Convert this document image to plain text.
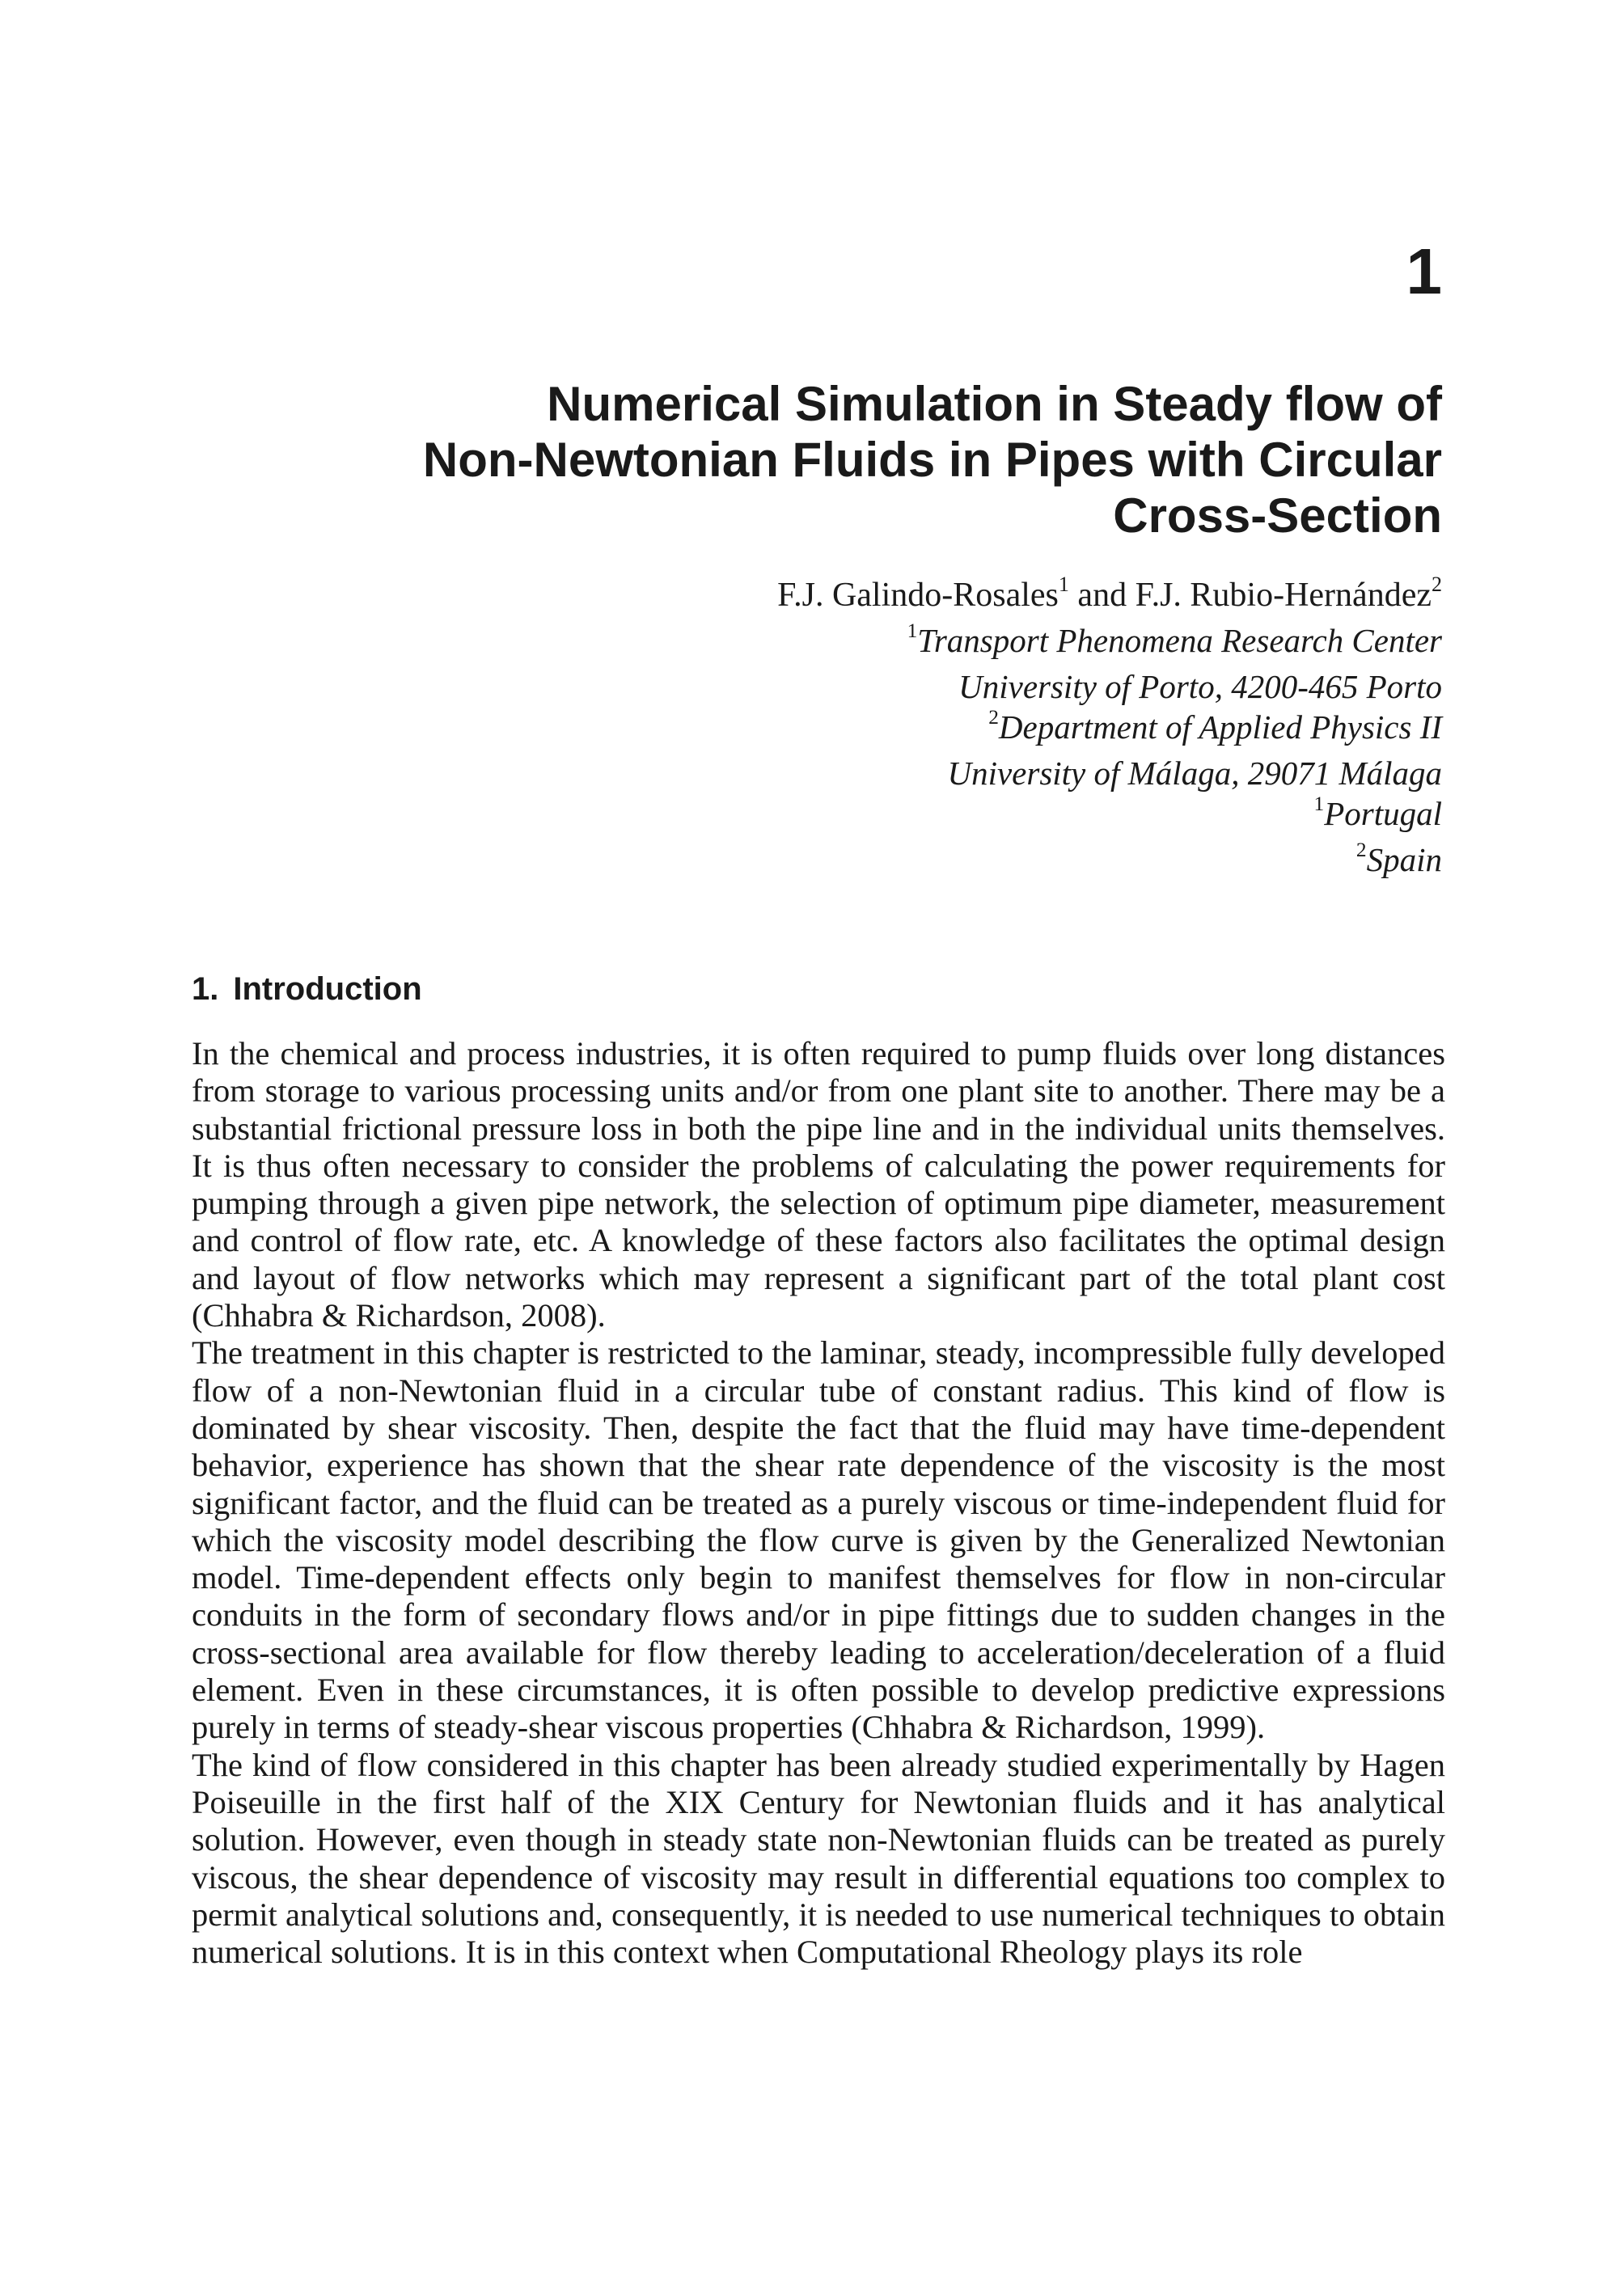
1
Numerical Simulation in Steady flow of
Non-Newtonian Fluids in Pipes with Circular
Cross-Section
F.J. Galindo-Rosales$^1$ and F.J. Rubio-Hernández$^2$
$^1$Transport Phenomena Research Center
University of Porto, 4200-465 Porto
$^2$Department of Applied Physics II
University of Málaga, 29071 Málaga
$^1$Portugal
$^2$Spain
1. Introduction

In the chemical and process industries, it is often required to pump fluids over long distances from storage to various processing units and/or from one plant site to another. There may be a substantial frictional pressure loss in both the pipe line and in the individual units themselves. It is thus often necessary to consider the problems of calculating the power requirements for pumping through a given pipe network, the selection of optimum pipe diameter, measurement and control of flow rate, etc. A knowledge of these factors also facilitates the optimal design and layout of flow networks which may represent a significant part of the total plant cost (Chhabra & Richardson, 2008).

The treatment in this chapter is restricted to the laminar, steady, incompressible fully developed flow of a non-Newtonian fluid in a circular tube of constant radius. This kind of flow is dominated by shear viscosity. Then, despite the fact that the fluid may have time-dependent behavior, experience has shown that the shear rate dependence of the viscosity is the most significant factor, and the fluid can be treated as a purely viscous or time-independent fluid for which the viscosity model describing the flow curve is given by the Generalized Newtonian model. Time-dependent effects only begin to manifest themselves for flow in non-circular conduits in the form of secondary flows and/or in pipe fittings due to sudden changes in the cross-sectional area available for flow thereby leading to acceleration/deceleration of a fluid element. Even in these circumstances, it is often possible to develop predictive expressions purely in terms of steady-shear viscous properties (Chhabra & Richardson, 1999).

The kind of flow considered in this chapter has been already studied experimentally by Hagen Poiseuille in the first half of the XIX Century for Newtonian fluids and it has analytical solution. However, even though in steady state non-Newtonian fluids can be treated as purely viscous, the shear dependence of viscosity may result in differential equations too complex to permit analytical solutions and, consequently, it is needed to use numerical techniques to obtain numerical solutions. It is in this context when Computational Rheology plays its role
